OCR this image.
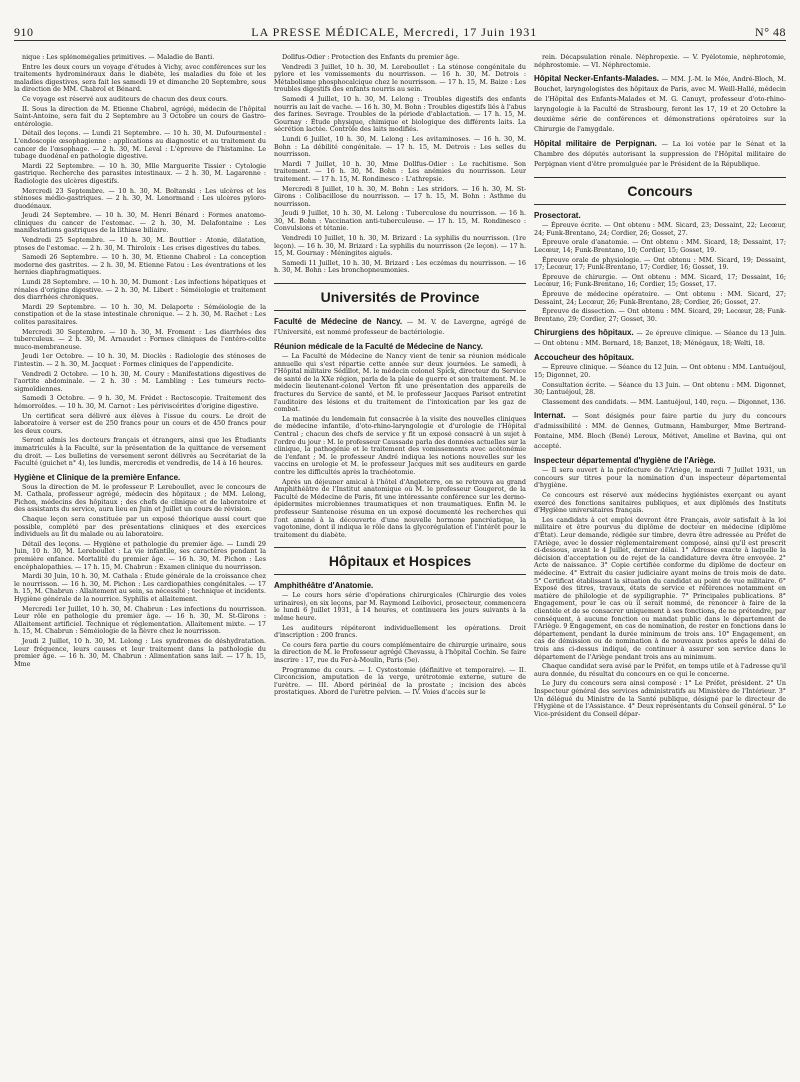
910	LA PRESSE MÉDICALE, Mercredi, 17 Juin 1931	N° 48

nique : Les splénomégalies primitives. — Maladie de Banti.

Entre les deux cours un voyage d'études à Vichy, avec conférences sur les traitements hydrominéraux dans le diabète, les maladies du foie et les maladies digestives, sera fait les samedi 19 et dimanche 20 Septembre, sous la direction de MM. Chabrol et Bénard.

Ce voyage est réservé aux auditeurs de chacun des deux cours.

II. Sous la direction de M. Etienne Chabrol, agrégé, médecin de l'hôpital Saint-Antoine, sera fait du 2 Septembre au 3 Octobre un cours de Gastro-entérologie.

Détail des leçons. — Lundi 21 Septembre. — 10 h. 30, M. Dufourmentel : L'endoscopie œsophagienne : applications au diagnostic et au traitement du cancer de l'œsophage. — 2 h. 30, M. Leval : L'épreuve de l'histamine. Le tubage duodénal en pathologie digestive.

Mardi 22 Septembre. — 10 h. 30, Mlle Marguerite Tissier : Cytologie gastrique. Recherche des parasites intestinaux. — 2 h. 30, M. Lagarenne : Radiologie des ulcères digestifs.

Mercredi 23 Septembre. — 10 h. 30, M. Boltanski : Les ulcères et les sténoses médio-gastriques. — 2 h. 30, M. Lenormand : Les ulcères pyloro-duodénaux.

Jeudi 24 Septembre. — 10 h. 30, M. Henri Bénard : Formes anatomo-cliniques du cancer de l'estomac. — 2 h. 30, M. Delafontaine : Les manifestations gastriques de la lithiase biliaire.

Vendredi 25 Septembre. — 10 h. 30, M. Bouttier : Atonie, dilatation, ptoses de l'estomac. — 2 h. 30, M. Thiroloix : Les crises digestives du tabes.

Samedi 26 Septembre. — 10 h. 30, M. Etienne Chabrol : La conception moderne des gastrites. — 2 h. 30, M. Etienne Fatou : Les éventrations et les hernies diaphragmatiques.

Lundi 28 Septembre. — 10 h. 30, M. Dumont : Les infections hépatiques et rénales d'origine digestive. — 2 h. 30, M. Libert : Séméiologie et traitement des diarrhées chroniques.

Mardi 29 Septembre. — 10 h. 30, M. Delaporte : Séméiologie de la constipation et de la stase intestinale chronique. — 2 h. 30, M. Rachet : Les colites parasitaires.

Mercredi 30 Septembre. — 10 h. 30, M. Froment : Les diarrhées des tuberculeux. — 2 h. 30, M. Arnaudet : Formes cliniques de l'entéro-colite muco-membraneuse.

Jeudi 1er Octobre. — 10 h. 30, M. Dioclès : Radiologie des sténoses de l'intestin. — 2 h. 30, M. Jacquet : Formes cliniques de l'appendicite.

Vendredi 2 Octobre. — 10 h. 30, M. Coury : Manifestations digestives de l'aortite abdominale. — 2 h. 30 : M. Lambling : Les tumeurs recto-sigmoïdiennes.

Samedi 3 Octobre. — 9 h. 30, M. Frédet : Rectoscopie. Traitement des hémorroïdes. — 10 h. 30, M. Carnot : Les périviscérites d'origine digestive.

Un certificat sera délivré aux élèves à l'issue du cours. Le droit de laboratoire à verser est de 250 francs pour un cours et de 450 francs pour les deux cours.

Seront admis les docteurs français et étrangers, ainsi que les Étudiants immatriculés à la Faculté, sur la présentation de la quittance de versement du droit. — Les bulletins de versement seront délivrés au Secrétariat de la Faculté (guichet n° 4), les lundis, mercredis et vendredis, de 14 à 16 heures.

Hygiène et Clinique de la première Enfance.

Sous la direction de M. le professeur P. Lereboullet, avec le concours de M. Cathala, professeur agrégé, médecin des hôpitaux ; de MM. Lelong, Pichon, médecins des hôpitaux ; des chefs de clinique et de laboratoire et des assistants du service, aura lieu en Juin et Juillet un cours de révision.

Chaque leçon sera constituée par un exposé théorique aussi court que possible, complété par des présentations cliniques et des exercices individuels au lit du malade ou au laboratoire.

Détail des leçons. — Hygiène et pathologie du premier âge. — Lundi 29 Juin, 10 h. 30, M. Lereboullet : La vie infantile, ses caractères pendant la première enfance. Mortalité du premier âge. — 16 h. 30, M. Pichon : Les encéphalopathies. — 17 h. 15, M. Chabrun : Examen clinique du nourrisson.

Mardi 30 Juin, 10 h. 30, M. Cathala : Étude générale de la croissance chez le nourrisson. — 16 h. 30, M. Pichon : Les cardiopathies congénitales. — 17 h. 15, M. Chabrun : Allaitement au sein, sa nécessité ; technique et incidents. Hygiène générale de la nourrice. Syphilis et allaitement.

Mercredi 1er Juillet, 10 h. 30, M. Chabrun : Les infections du nourrisson. Leur rôle en pathologie du premier âge. — 16 h. 30, M. St-Girons : Allaitement artificiel. Technique et réglementation. Allaitement mixte. — 17 h. 15, M. Chabrun : Séméiologie de la fièvre chez le nourrisson.

Jeudi 2 Juillet, 10 h. 30, M. Lelong : Les syndromes de déshydratation. Leur fréquence, leurs causes et leur traitement dans la pathologie du premier âge. — 16 h. 30, M. Chabrun : Alimentation sans lait. — 17 h. 15, Mme

Dollfus-Odier : Protection des Enfants du premier âge.

Vendredi 3 Juillet, 10 h. 30, M. Lereboullet : La sténose congénitale du pylore et les vomissements du nourrisson. — 16 h. 30, M. Detrois : Métabolisme phosphocalcique chez le nourrisson. — 17 h. 15, M. Baize : Les troubles digestifs des enfants nourris au sein.

Samedi 4 Juillet, 10 h. 30, M. Lelong : Troubles digestifs des enfants nourris au lait de vache. — 16 h. 30, M. Bohn : Troubles digestifs liés à l'abus des farines. Sevrage. Troubles de la période d'ablactation. — 17 h. 15, M. Gournay : Étude physique, chimique et biologique des différents laits. La sécrétion lactée. Contrôle des laits modifiés.

Lundi 6 Juillet, 10 h. 30, M. Lelong : Les avitaminoses. — 16 h. 30, M. Bohn : La débilité congénitale. — 17 h. 15, M. Detrois : Les selles du nourrisson.

Mardi 7 Juillet, 10 h. 30, Mme Dollfus-Odier : Le rachitisme. Son traitement. — 16 h. 30, M. Bohn : Les anémies du nourrisson. Leur traitement. — 17 h. 15, M. Rondinesco : L'athrepsie.

Mercredi 8 Juillet, 10 h. 30, M. Bohn : Les stridors. — 16 h. 30, M. St-Girons : Colibacillose du nourrisson. — 17 h. 15, M. Bohn : Asthme du nourrisson.

Jeudi 9 Juillet, 10 h. 30, M. Lelong : Tuberculose du nourrisson. — 16 h. 30, M. Bohn : Vaccination anti-tuberculeuse. — 17 h. 15, M. Rondinesco : Convulsions et tétanie.

Vendredi 10 Juillet, 10 h. 30, M. Brizard : La syphilis du nourrisson. (1re leçon). — 16 h. 30, M. Brizard : La syphilis du nourrisson (2e leçon). — 17 h. 15, M. Gournay : Méningites aiguës.

Samedi 11 Juillet, 10 h. 30, M. Brizard : Les eczémas du nourrisson. — 16 h. 30, M. Bohn : Les bronchopneumonies.

Universités de Province
Faculté de Médecine de Nancy. — M. V. de Lavergne, agrégé de l'Université, est nommé professeur de bactériologie.
Réunion médicale de la Faculté de Médecine de Nancy.

— La Faculté de Médecine de Nancy vient de tenir sa réunion médicale annuelle qui s'est répartie cette année sur deux journées. Le samedi, à l'Hôpital militaire Sédillot, M. le médecin colonel Spick, directeur du Service de santé de la XXe région, parla de la plaie de guerre et son traitement. M. le médecin lieutenant-colonel Verton fit une présentation des appareils de fractures du Service de santé, et M. le professeur Jacques Parisot entretint l'auditoire des lésions et du traitement de l'intoxication par les gaz de combat.

La matinée du lendemain fut consacrée à la visite des nouvelles cliniques de médecine infantile, d'oto-rhino-laryngologie et d'urologie de l'Hôpital Central ; chacun des chefs de service y fit un exposé consacré à un sujet à l'ordre du jour : M. le professeur Caussade parla des données actuelles sur la clinique, la pathogénie et le traitement des vomissements avec acétonémie de l'enfant ; M. le professeur André indiqua les notions nouvelles sur les vaccins en urologie et M. le professeur Jacques mit ses auditeurs en garde contre les difficultés après la trachéotomie.

Après un déjeuner amical à l'hôtel d'Angleterre, on se retrouva au grand Amphithéâtre de l'Institut anatomique où M. le professeur Gougerot, de la Faculté de Médecine de Paris, fit une intéressante conférence sur les dermo-épidermites microbiennes traumatiques et non traumatiques. Enfin M. le professeur Santenoise résuma en un exposé documenté les recherches qui l'ont amené à la découverte d'une nouvelle hormone pancréatique, la vagotonine, dont il indiqua le rôle dans la glycorégulation et l'intérêt pour le traitement du diabète.

Hôpitaux et Hospices
Amphithéâtre d'Anatomie.

— Le cours hors série d'opérations chirurgicales (Chirurgie des voies urinaires), en six leçons, par M. Raymond Leibovici, prosecteur, commencera le lundi 6 Juillet 1931, à 14 heures, et continuera les jours suivants à la même heure.

Les auditeurs répéteront individuellement les opérations. Droit d'inscription : 200 francs.

Ce cours fera partie du cours complémentaire de chirurgie urinaire, sous la direction de M. le Professeur agrégé Chevassu, à l'hôpital Cochin. Se faire inscrire : 17, rue du Fer-à-Moulin, Paris (5e).

Programme du cours. — I. Cystostomie (définitive et temporaire). — II. Circoncision, amputation de la verge, urétrotomie externe, suture de l'urètre. — III. Abord périnéal de la prostate ; incision des abcès prostatiques. Abord de l'urètre pelvien. — IV. Voies d'accès sur le

rein. Décapsulation rénale. Néphropexie. — V. Pyélotomie, néphrotomie, néphrostomie. — VI. Néphrectomie.

Hôpital Necker-Enfants-Malades. — MM. J.-M. le Mée, André-Bloch, M. Bouchet, laryngologistes des hôpitaux de Paris, avec M. Weill-Hallé, médecin de l'Hôpital des Enfants-Malades et M. G. Canuyt, professeur d'oto-rhino-laryngologie à la Faculté de Strasbourg, feront les 17, 19 et 20 Octobre la deuxième série de conférences et démonstrations opératoires sur la Chirurgie de l'amygdale.
Hôpital militaire de Perpignan. — La loi votée par le Sénat et la Chambre des députés autorisant la suppression de l'Hôpital militaire de Perpignan vient d'être promulguée par le Président de la République.
Concours
Prosectorat.

— Épreuve écrite. — Ont obtenu : MM. Sicard, 23; Dessaint, 22; Lecœur, 24; Funk-Brentano, 24; Cordier, 26; Gosset, 27.

Épreuve orale d'anatomie. — Ont obtenu : MM. Sicard, 18; Dessaint, 17; Lecœur, 14; Funk-Brentano, 10; Cordier, 15; Gosset, 19.

Épreuve orale de physiologie. — Ont obtenu : MM. Sicard, 19; Dessaint, 17; Lecœur, 17; Funk-Brentano, 17; Cordier, 16; Gosset, 19.

Épreuve de chirurgie. — Ont obtenu : MM. Sicard, 17; Dessaint, 16; Lecœur, 16; Funk-Brentano, 16; Cordier, 15; Gosset, 17.

Épreuve de médecine opératoire. — Ont obtenu : MM. Sicard, 27; Dessaint, 24; Lecœur, 26; Funk-Brentano, 28; Cordier, 26; Gosset, 27.

Épreuve de dissection. — Ont obtenu : MM. Sicard, 29; Lecœur, 28; Funk-Brentano, 29; Cordier, 27; Gosset, 30.

Chirurgiens des hôpitaux. — 2e épreuve clinique. — Séance du 13 Juin. — Ont obtenu : MM. Bernard, 18; Banzet, 18; Ménégaux, 18; Welti, 18.
Accoucheur des hôpitaux.

— Épreuve clinique. — Séance du 12 Juin. — Ont obtenu : MM. Lantuéjoul, 15; Digonnet, 20.

Consultation écrite. — Séance du 13 Juin. — Ont obtenu : MM. Digonnet, 30; Lantuéjoul, 28.

Classement des candidats. — MM. Lantuéjoul, 140, reçu. — Digonnet, 136.

Internat. — Sont désignés pour faire partie du jury du concours d'admissibilité : MM. de Gennes, Gutmann, Hamburger, Mme Bertrand-Fontaine, MM. Bloch (Bené) Leroux, Métivet, Ameline et Bavina, qui ont accepté.
Inspecteur départemental d'hygiène de l'Ariège.

— Il sera ouvert à la préfecture de l'Ariège, le mardi 7 Juillet 1931, un concours sur titres pour la nomination d'un inspecteur départemental d'hygiène.

Ce concours est réservé aux médecins hygiénistes exerçant ou ayant exercé des fonctions sanitaires publiques, et aux diplômés des Instituts d'Hygiène universitaires français.

Les candidats à cet emploi devront être Français, avoir satisfait à la loi militaire et être pourvus du diplôme de docteur en médecine (diplôme d'État). Leur demande, rédigée sur timbre, devra être adressée au Préfet de l'Ariège, avec le dossier réglementairement composé, ainsi qu'il est prescrit ci-dessous, avant le 4 Juillet, dernier délai. 1° Adresse exacte à laquelle la décision d'acceptation ou de rejet de la candidature devra être envoyée. 2° Acte de naissance. 3° Copie certifiée conforme du diplôme de docteur en médecine. 4° Extrait du casier judiciaire ayant moins de trois mois de date. 5° Certificat établissant la situation du candidat au point de vue militaire. 6° Exposé des titres, travaux, états de service et références notamment en matière de philologie et de sypiligraphie. 7° Principales publications. 8° Engagement, pour le cas où il serait nommé, de renoncer à faire de la clientèle et de se consacrer uniquement à ses fonctions, de ne prétendre, par conséquent, à aucune fonction ou mandat public dans le département de l'Ariège. 9 Engagement, en cas de nomination, de rester en fonctions dans le département, pendant la durée minimum de trois ans. 10° Engagement, en cas de démission ou de nomination à de nouveaux postes après le délai de trois ans ci-dessus indiqué, de continuer à assurer son service dans le département de l'Ariège pendant trois ans au minimum.

Chaque candidat sera avisé par le Préfet, en temps utile et à l'adresse qu'il aura donnée, du résultat du concours en ce qui le concerne.

Le Jury du concours sera ainsi composé : 1° Le Préfet, président. 2° Un Inspecteur général des services administratifs au Ministère de l'Intérieur. 3° Un délégué du Ministre de la Santé publique, désigné par le directeur de l'Hygiène et de l'Assistance. 4° Deux représentants du Conseil général. 5° Le Vice-président du Conseil dépar-
